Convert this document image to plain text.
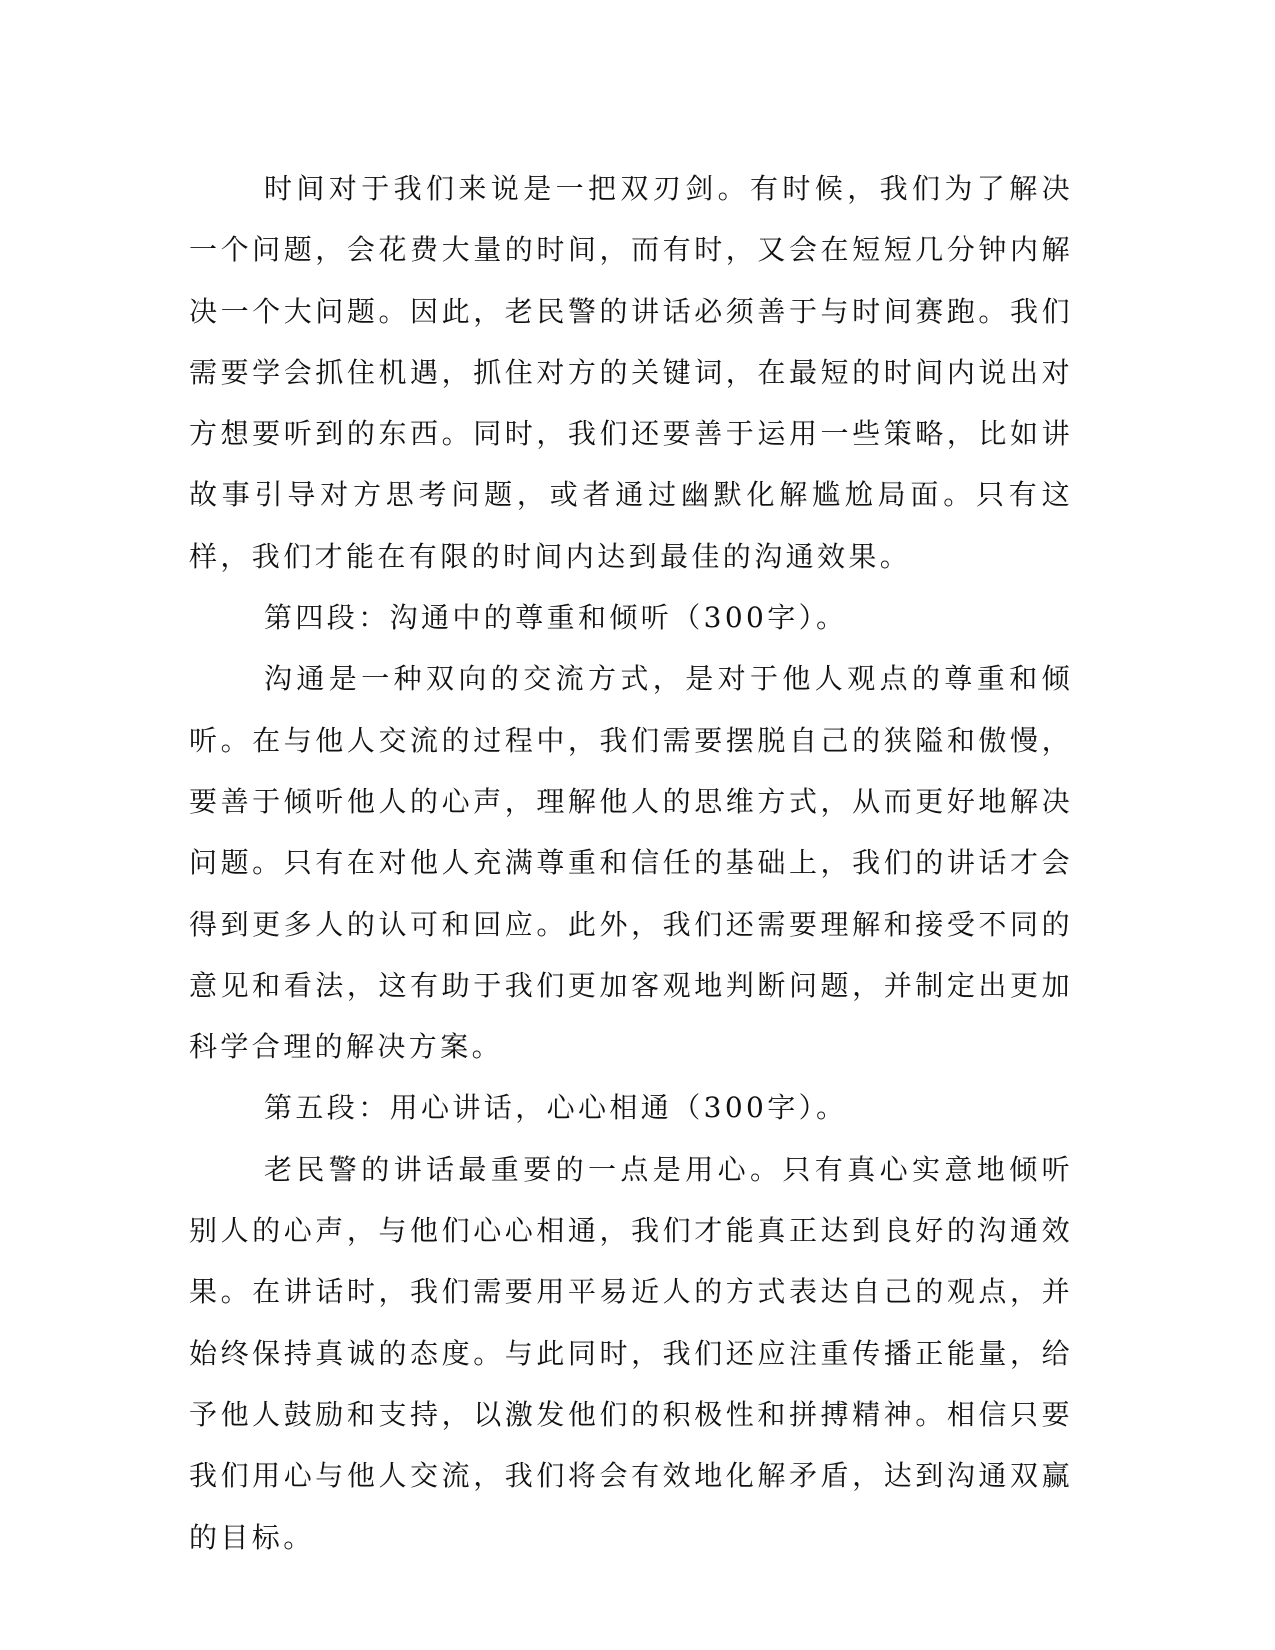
时间对于我们来说是一把双刃剑。有时候，我们为了解决一个问题，会花费大量的时间，而有时，又会在短短几分钟内解决一个大问题。因此，老民警的讲话必须善于与时间赛跑。我们需要学会抓住机遇，抓住对方的关键词，在最短的时间内说出对方想要听到的东西。同时，我们还要善于运用一些策略，比如讲故事引导对方思考问题，或者通过幽默化解尴尬局面。只有这样，我们才能在有限的时间内达到最佳的沟通效果。

第四段：沟通中的尊重和倾听（300字）。

沟通是一种双向的交流方式，是对于他人观点的尊重和倾听。在与他人交流的过程中，我们需要摆脱自己的狭隘和傲慢，要善于倾听他人的心声，理解他人的思维方式，从而更好地解决问题。只有在对他人充满尊重和信任的基础上，我们的讲话才会得到更多人的认可和回应。此外，我们还需要理解和接受不同的意见和看法，这有助于我们更加客观地判断问题，并制定出更加科学合理的解决方案。

第五段：用心讲话，心心相通（300字）。

老民警的讲话最重要的一点是用心。只有真心实意地倾听别人的心声，与他们心心相通，我们才能真正达到良好的沟通效果。在讲话时，我们需要用平易近人的方式表达自己的观点，并始终保持真诚的态度。与此同时，我们还应注重传播正能量，给予他人鼓励和支持，以激发他们的积极性和拼搏精神。相信只要我们用心与他人交流，我们将会有效地化解矛盾，达到沟通双赢的目标。
